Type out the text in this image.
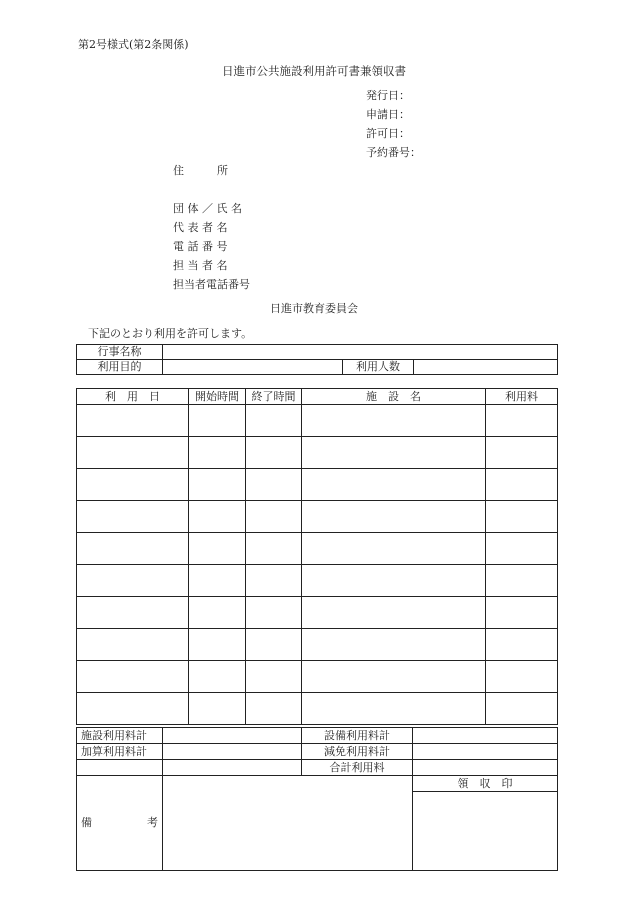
第2号様式(第2条関係)
日進市公共施設利用許可書兼領収書
発行日：
申請日：
許可日：
予約番号：
住　　　所
団 体 ／ 氏 名
代 表 者 名
電 話 番 号
担 当 者 名
担当者電話番号
日進市教育委員会
下記のとおり利用を許可します。
行事名称			
利用目的		利用人数	
利　用　日	開始時間	終了時間	施　設　名	利用料

施設利用料計		設備利用料計	
加算利用料計		減免利用料計	
		合計利用料	
備　　　　　考			領　収　印
